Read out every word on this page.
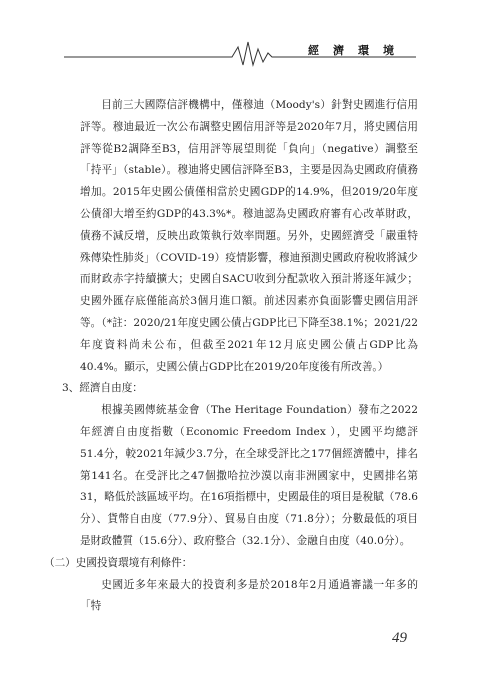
經濟環境

目前三大國際信評機構中，僅穆迪（Moody's）針對史國進行信用評等。穆迪最近一次公布調整史國信用評等是2020年7月，將史國信用評等從B2調降至B3，信用評等展望則從「負向」（negative）調整至「持平」（stable）。穆迪將史國信評降至B3，主要是因為史國政府債務增加。2015年史國公債僅相當於史國GDP的14.9%，但2019/20年度公債卻大增至約GDP的43.3%*。穆迪認為史國政府審有心改革財政，債務不減反增，反映出政策執行效率問題。另外，史國經濟受「嚴重特殊傳染性肺炎」（COVID-19）疫情影響，穆迪預測史國政府稅收將減少而財政赤字持續擴大；史國自SACU收到分配款收入預計將逐年減少；史國外匯存底僅能高於3個月進口額。前述因素亦負面影響史國信用評等。（*註：2020/21年度史國公債占GDP比已下降至38.1%；2021/22年度資料尚未公布，但截至2021年12月底史國公債占GDP比為40.4%。顯示，史國公債占GDP比在2019/20年度後有所改善。）

3、經濟自由度：

根據美國傳統基金會（The Heritage Foundation）發布之2022年經濟自由度指數（Economic Freedom Index ），史國平均總評51.4分，較2021年減少3.7分，在全球受評比之177個經濟體中，排名第141名。在受評比之47個撒哈拉沙漠以南非洲國家中，史國排名第31，略低於該區域平均。在16項指標中，史國最佳的項目是稅賦（78.6分）、貨幣自由度（77.9分）、貿易自由度（71.8分）；分數最低的項目是財政體質（15.6分）、政府整合（32.1分）、金融自由度（40.0分）。

（二）史國投資環境有利條件：

史國近多年來最大的投資利多是於2018年2月通過審議一年多的「特

49
